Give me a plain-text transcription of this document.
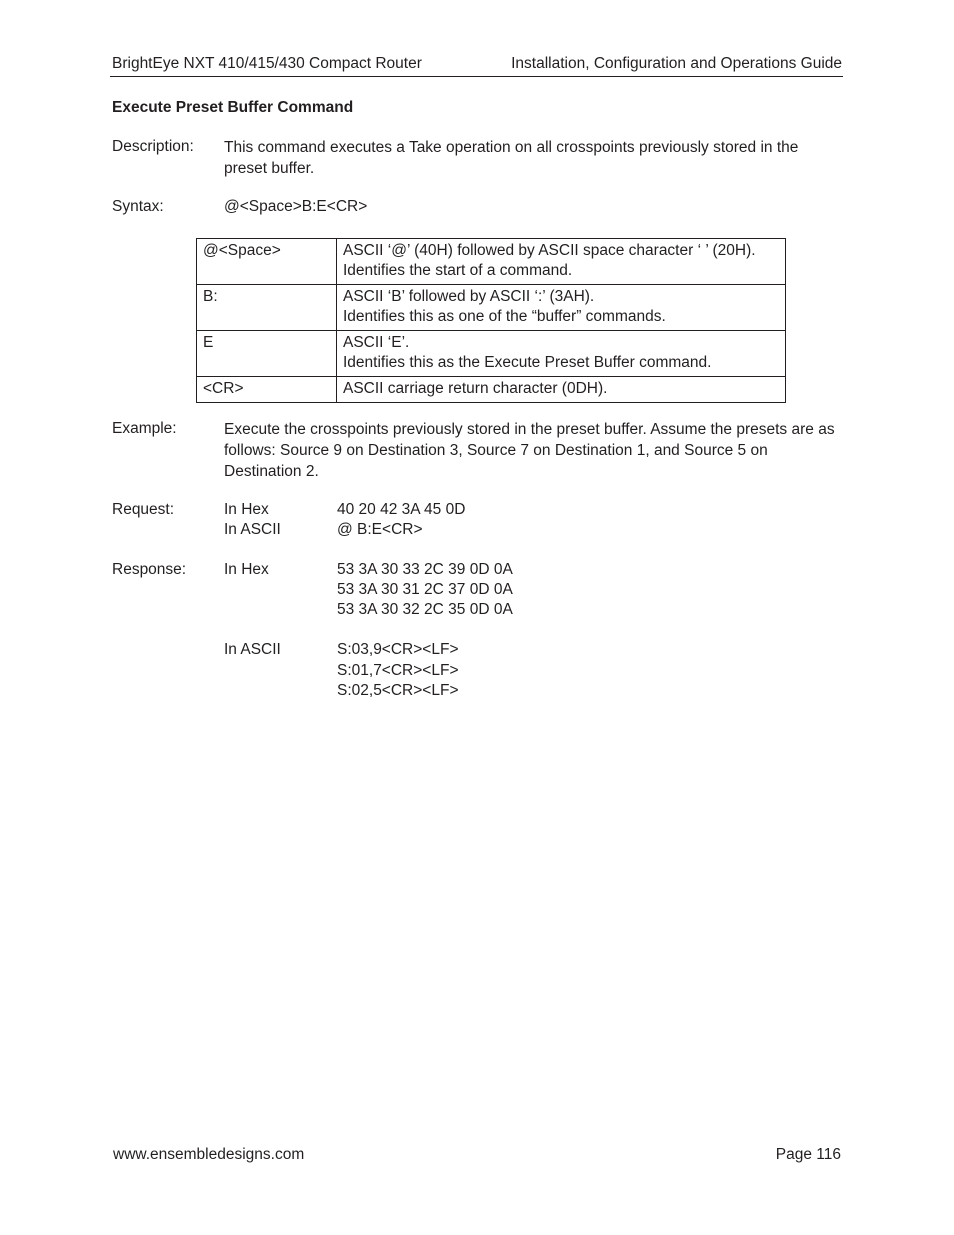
BrightEye NXT 410/415/430 Compact Router	Installation, Configuration and Operations Guide
Execute Preset Buffer Command
Description: This command executes a Take operation on all crosspoints previously stored in the preset buffer.
Syntax:	@<Space>B:E<CR>
@<Space>	ASCII ‘@’ (40H) followed by ASCII space character ‘ ’ (20H).
Identifies the start of a command.

B:	ASCII ‘B’ followed by ASCII ‘:’ (3AH).
Identifies this as one of the “buffer” commands.

E	ASCII ‘E’.
Identifies this as the Execute Preset Buffer command.

<CR>	ASCII carriage return character (0DH).
Example:	Execute the crosspoints previously stored in the preset buffer. Assume the presets are as follows: Source 9 on Destination 3, Source 7 on Destination 1, and Source 5 on Destination 2.
Request:	In Hex	40 20 42 3A 45 0D
In ASCII	@ B:E<CR>
Response: In Hex	53 3A 30 33 2C 39 0D 0A
53 3A 30 31 2C 37 0D 0A
53 3A 30 32 2C 35 0D 0A
In ASCII	S:03,9<CR><LF>
S:01,7<CR><LF>
S:02,5<CR><LF>
www.ensembledesigns.com	Page 116
